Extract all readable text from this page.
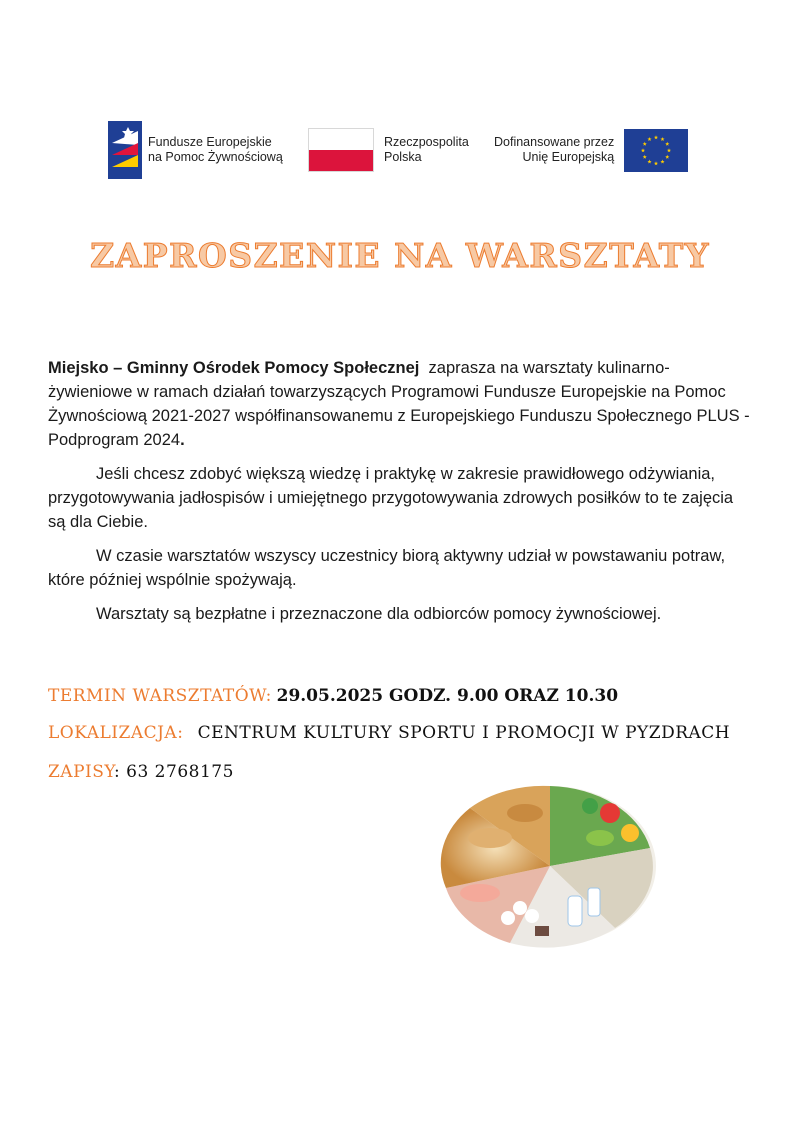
Fundusze Europejskie
na Pomoc Żywnościową
Rzeczpospolita
Polska
Dofinansowane przez
Unię Europejską
ZAPROSZENIE NA WARSZTATY

Miejsko – Gminny Ośrodek Pomocy Społecznej zaprasza na warsztaty kulinarno-żywieniowe w ramach działań towarzyszących Programowi Fundusze Europejskie na Pomoc Żywnościową 2021-2027 współfinansowanemu z Europejskiego Funduszu Społecznego PLUS - Podprogram 2024.

Jeśli chcesz zdobyć większą wiedzę i praktykę w zakresie prawidłowego odżywiania, przygotowywania jadłospisów i umiejętnego przygotowywania zdrowych posiłków to te zajęcia są dla Ciebie.

W czasie warsztatów wszyscy uczestnicy biorą aktywny udział w powstawaniu potraw, które później wspólnie spożywają.

Warsztaty są bezpłatne i przeznaczone dla odbiorców pomocy żywnościowej.

TERMIN WARSZTATÓW: 29.05.2025 GODZ. 9.00 ORAZ 10.30
LOKALIZACJA: CENTRUM KULTURY SPORTU I PROMOCJI W PYZDRACH
ZAPISY: 63 2768175
